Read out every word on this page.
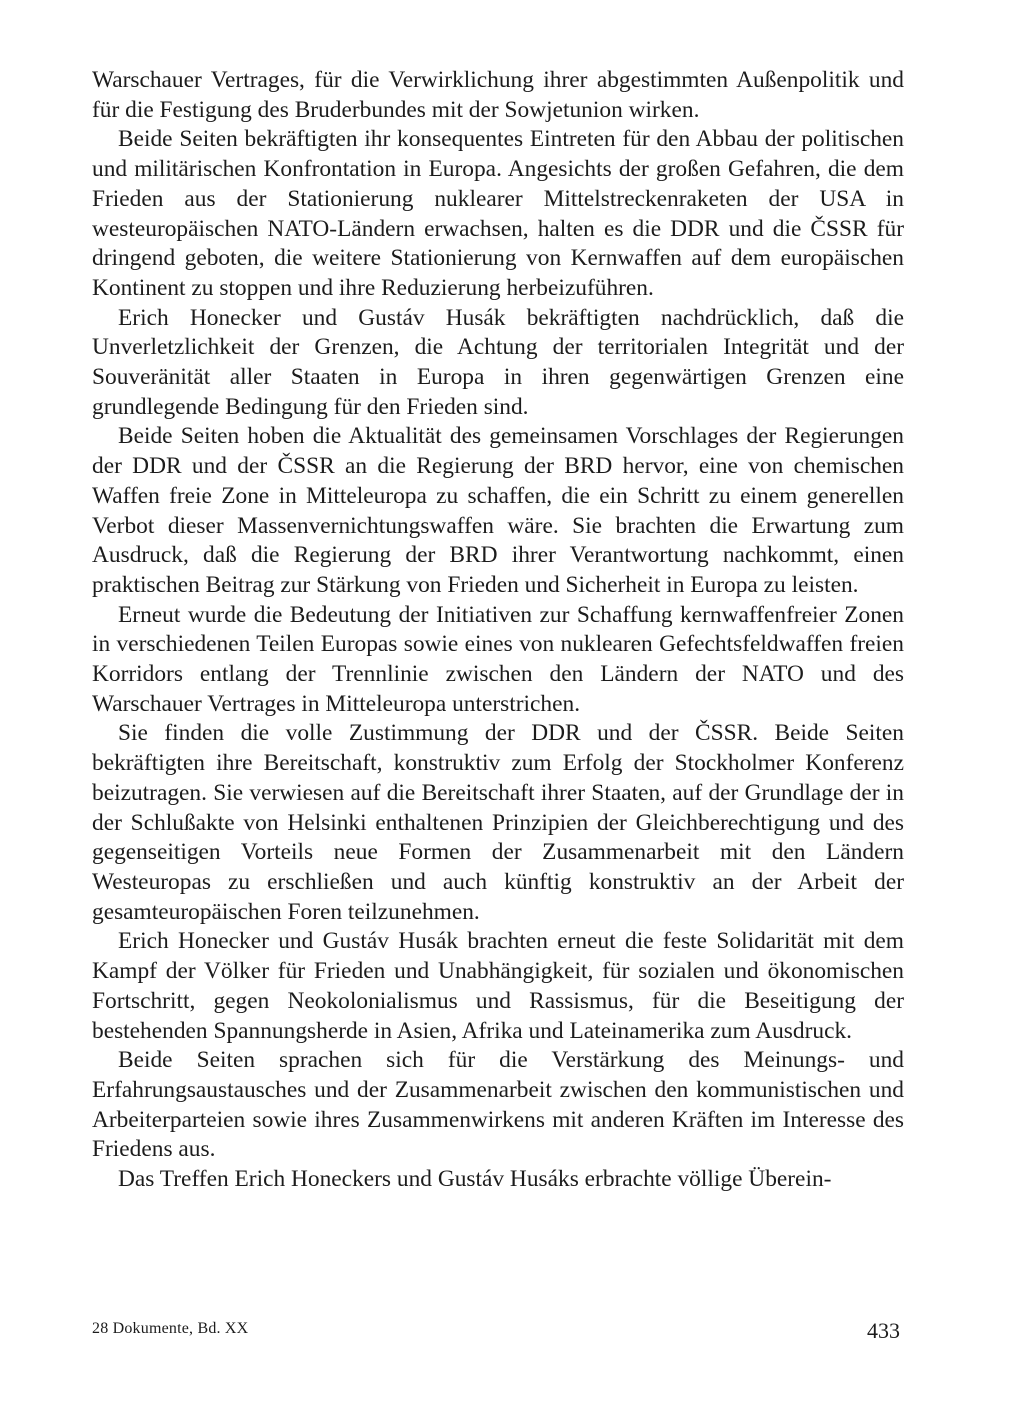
Warschauer Vertrages, für die Verwirklichung ihrer abgestimmten Außenpolitik und für die Festigung des Bruderbundes mit der Sowjetunion wirken.

Beide Seiten bekräftigten ihr konsequentes Eintreten für den Abbau der politischen und militärischen Konfrontation in Europa. Angesichts der großen Gefahren, die dem Frieden aus der Stationierung nuklearer Mittelstreckenraketen der USA in westeuropäischen NATO-Ländern erwachsen, halten es die DDR und die ČSSR für dringend geboten, die weitere Stationierung von Kernwaffen auf dem europäischen Kontinent zu stoppen und ihre Reduzierung herbeizuführen.

Erich Honecker und Gustáv Husák bekräftigten nachdrücklich, daß die Unverletzlichkeit der Grenzen, die Achtung der territorialen Integrität und der Souveränität aller Staaten in Europa in ihren gegenwärtigen Grenzen eine grundlegende Bedingung für den Frieden sind.

Beide Seiten hoben die Aktualität des gemeinsamen Vorschlages der Regierungen der DDR und der ČSSR an die Regierung der BRD hervor, eine von chemischen Waffen freie Zone in Mitteleuropa zu schaffen, die ein Schritt zu einem generellen Verbot dieser Massenvernichtungswaffen wäre. Sie brachten die Erwartung zum Ausdruck, daß die Regierung der BRD ihrer Verantwortung nachkommt, einen praktischen Beitrag zur Stärkung von Frieden und Sicherheit in Europa zu leisten.

Erneut wurde die Bedeutung der Initiativen zur Schaffung kernwaffenfreier Zonen in verschiedenen Teilen Europas sowie eines von nuklearen Gefechtsfeldwaffen freien Korridors entlang der Trennlinie zwischen den Ländern der NATO und des Warschauer Vertrages in Mitteleuropa unterstrichen.

Sie finden die volle Zustimmung der DDR und der ČSSR. Beide Seiten bekräftigten ihre Bereitschaft, konstruktiv zum Erfolg der Stockholmer Konferenz beizutragen. Sie verwiesen auf die Bereitschaft ihrer Staaten, auf der Grundlage der in der Schlußakte von Helsinki enthaltenen Prinzipien der Gleichberechtigung und des gegenseitigen Vorteils neue Formen der Zusammenarbeit mit den Ländern Westeuropas zu erschließen und auch künftig konstruktiv an der Arbeit der gesamteuropäischen Foren teilzunehmen.

Erich Honecker und Gustáv Husák brachten erneut die feste Solidarität mit dem Kampf der Völker für Frieden und Unabhängigkeit, für sozialen und ökonomischen Fortschritt, gegen Neokolonialismus und Rassismus, für die Beseitigung der bestehenden Spannungsherde in Asien, Afrika und Lateinamerika zum Ausdruck.

Beide Seiten sprachen sich für die Verstärkung des Meinungs- und Erfahrungsaustausches und der Zusammenarbeit zwischen den kommunistischen und Arbeiterparteien sowie ihres Zusammenwirkens mit anderen Kräften im Interesse des Friedens aus.

Das Treffen Erich Honeckers und Gustáv Husáks erbrachte völlige Überein-

28 Dokumente, Bd. XX	433
